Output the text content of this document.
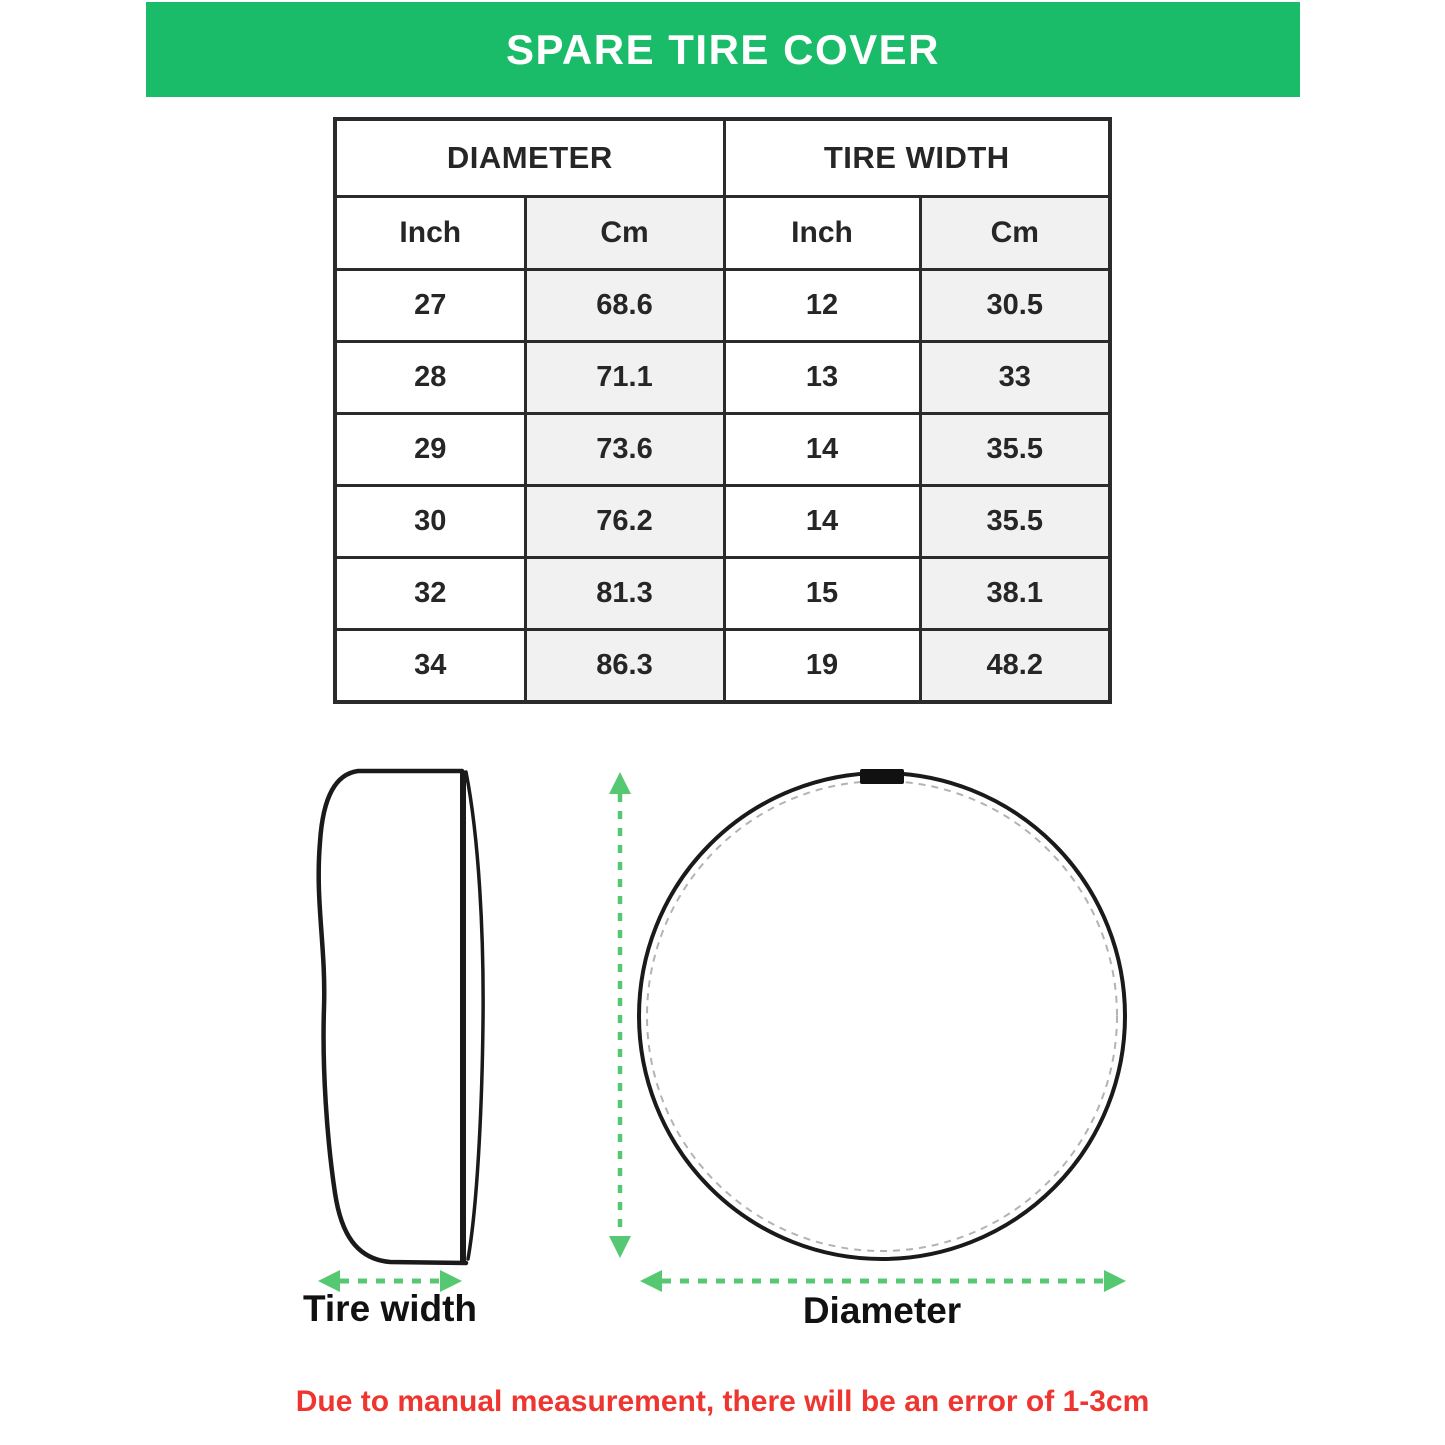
SPARE TIRE COVER
DIAMETER		TIRE WIDTH	
Inch	Cm	Inch	Cm
27	68.6	12	30.5
28	71.1	13	33
29	73.6	14	35.5
30	76.2	14	35.5
32	81.3	15	38.1
34	86.3	19	48.2
Tire width	Diameter
Due to manual measurement, there will be an error of 1-3cm
